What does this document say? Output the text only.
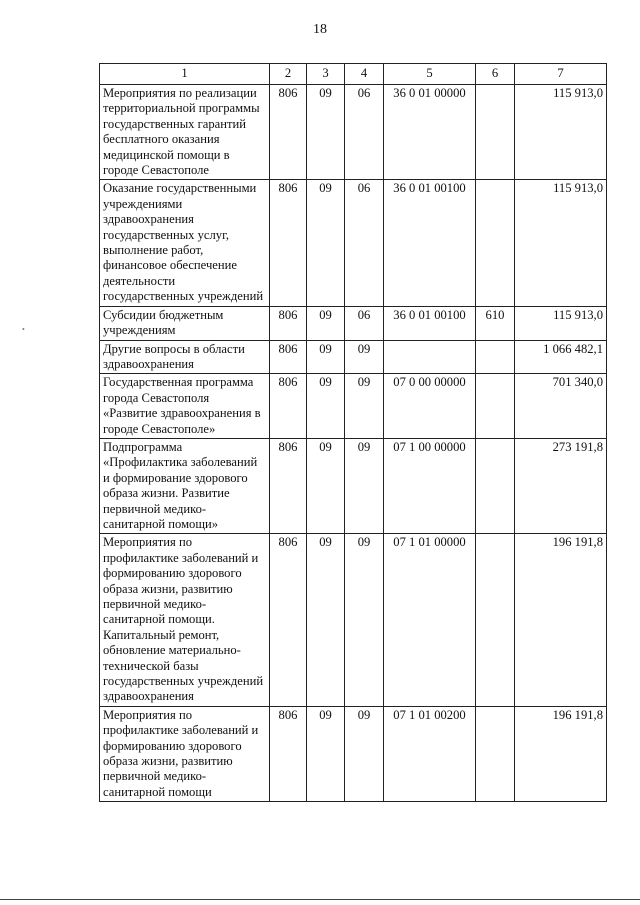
18
•
1	2	3	4	5	6	7
Мероприятия по реализации территориальной программы государственных гарантий бесплатного оказания медицинской помощи в городе Севастополе	806	09	06	36 0 01 00000		115 913,0
Оказание государственными учреждениями здравоохранения государственных услуг, выполнение работ, финансовое обеспечение деятельности государственных учреждений	806	09	06	36 0 01 00100		115 913,0
Субсидии бюджетным учреждениям	806	09	06	36 0 01 00100	610	115 913,0
Другие вопросы в области здравоохранения	806	09	09			1 066 482,1
Государственная программа города Севастополя «Развитие здравоохранения в городе Севастополе»	806	09	09	07 0 00 00000		701 340,0
Подпрограмма «Профилактика заболеваний и формирование здорового образа жизни. Развитие первичной медико-санитарной помощи»	806	09	09	07 1 00 00000		273 191,8
Мероприятия по профилактике заболеваний и формированию здорового образа жизни, развитию первичной медико-санитарной помощи. Капитальный ремонт, обновление материально-технической базы государственных учреждений здравоохранения	806	09	09	07 1 01 00000		196 191,8
Мероприятия по профилактике заболеваний и формированию здорового образа жизни, развитию первичной медико-санитарной помощи	806	09	09	07 1 01 00200		196 191,8
